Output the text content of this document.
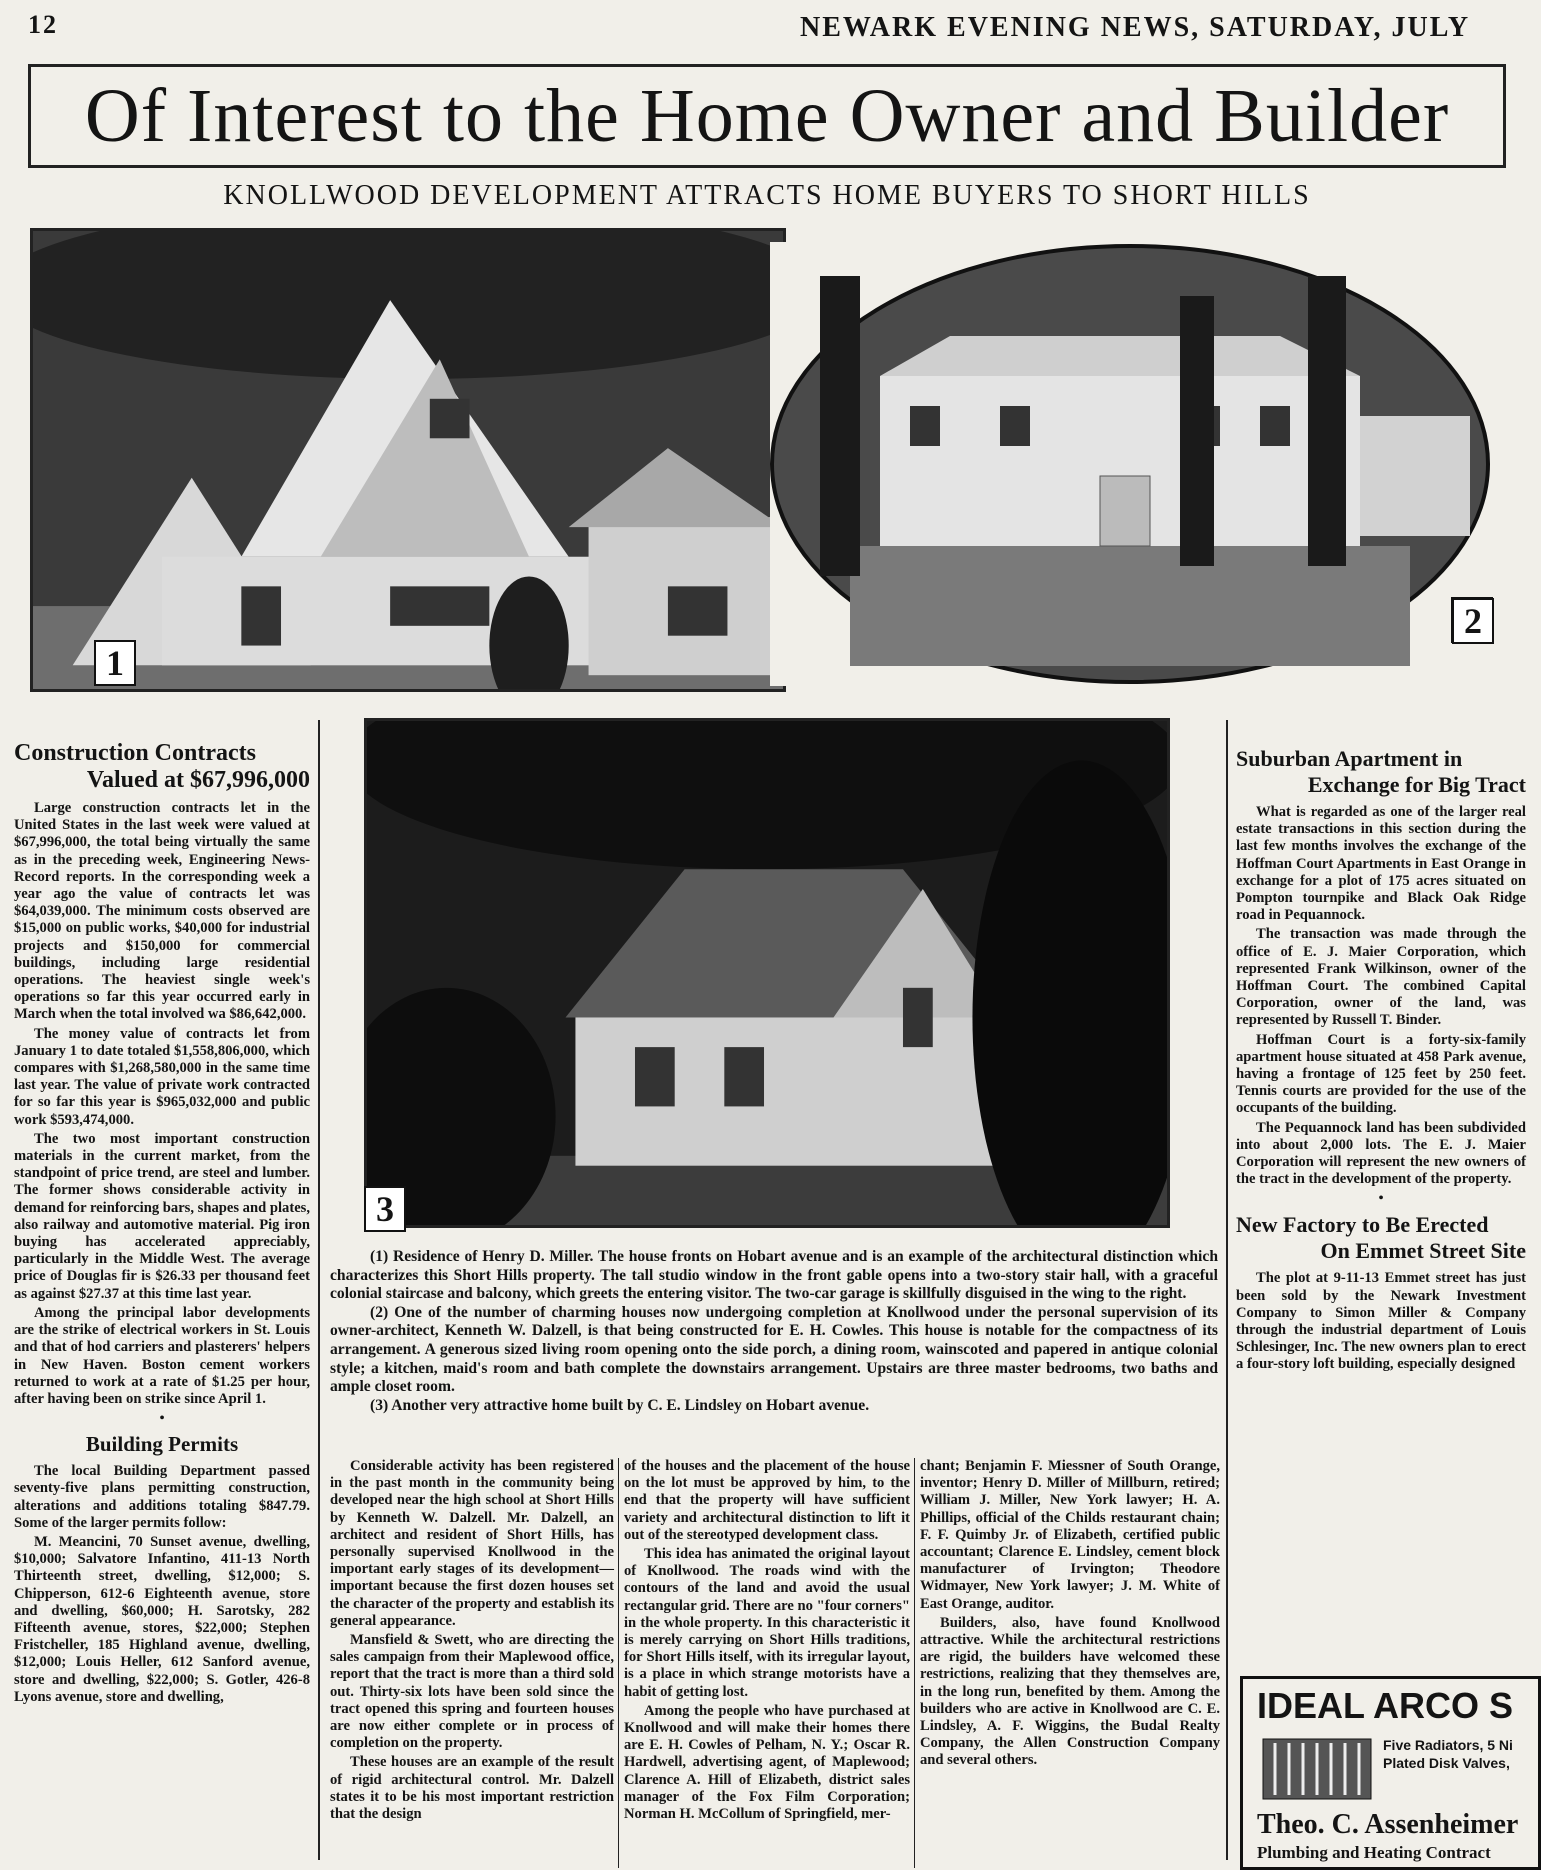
12	NEWARK EVENING NEWS, SATURDAY, JULY
Of Interest to the Home Owner and Builder
KNOLLWOOD DEVELOPMENT ATTRACTS HOME BUYERS TO SHORT HILLS
1
2
3
Construction Contracts
Valued at $67,996,000

Large construction contracts let in the United States in the last week were valued at $67,996,000, the total being virtually the same as in the preceding week, Engineering News-Record reports. In the corresponding week a year ago the value of contracts let was $64,039,000. The minimum costs observed are $15,000 on public works, $40,000 for industrial projects and $150,000 for commercial buildings, including large residential operations. The heaviest single week's operations so far this year occurred early in March when the total involved wa $86,642,000.

The money value of contracts let from January 1 to date totaled $1,558,806,000, which compares with $1,268,580,000 in the same time last year. The value of private work contracted for so far this year is $965,032,000 and public work $593,474,000.

The two most important construction materials in the current market, from the standpoint of price trend, are steel and lumber. The former shows considerable activity in demand for reinforcing bars, shapes and plates, also railway and automotive material. Pig iron buying has accelerated appreciably, particularly in the Middle West. The average price of Douglas fir is $26.33 per thousand feet as against $27.37 at this time last year.

Among the principal labor developments are the strike of electrical workers in St. Louis and that of hod carriers and plasterers' helpers in New Haven. Boston cement workers returned to work at a rate of $1.25 per hour, after having been on strike since April 1.

•
Building Permits

The local Building Department passed seventy-five plans permitting construction, alterations and additions totaling $847.79. Some of the larger permits follow:

M. Meancini, 70 Sunset avenue, dwelling, $10,000; Salvatore Infantino, 411-13 North Thirteenth street, dwelling, $12,000; S. Chipperson, 612-6 Eighteenth avenue, store and dwelling, $60,000; H. Sarotsky, 282 Fifteenth avenue, stores, $22,000; Stephen Fristcheller, 185 Highland avenue, dwelling, $12,000; Louis Heller, 612 Sanford avenue, store and dwelling, $22,000; S. Gotler, 426-8 Lyons avenue, store and dwelling,

(1) Residence of Henry D. Miller. The house fronts on Hobart avenue and is an example of the architectural distinction which characterizes this Short Hills property. The tall studio window in the front gable opens into a two-story stair hall, with a graceful colonial staircase and balcony, which greets the entering visitor. The two-car garage is skillfully disguised in the wing to the right.

(2) One of the number of charming houses now undergoing completion at Knollwood under the personal supervision of its owner-architect, Kenneth W. Dalzell, is that being constructed for E. H. Cowles. This house is notable for the compactness of its arrangement. A generous sized living room opening onto the side porch, a dining room, wainscoted and papered in antique colonial style; a kitchen, maid's room and bath complete the downstairs arrangement. Upstairs are three master bedrooms, two baths and ample closet room.

(3) Another very attractive home built by C. E. Lindsley on Hobart avenue.

Considerable activity has been registered in the past month in the community being developed near the high school at Short Hills by Kenneth W. Dalzell. Mr. Dalzell, an architect and resident of Short Hills, has personally supervised Knollwood in the important early stages of its development—important because the first dozen houses set the character of the property and establish its general appearance.

Mansfield & Swett, who are directing the sales campaign from their Maplewood office, report that the tract is more than a third sold out. Thirty-six lots have been sold since the tract opened this spring and fourteen houses are now either complete or in process of completion on the property.

These houses are an example of the result of rigid architectural control. Mr. Dalzell states it to be his most important restriction that the design

of the houses and the placement of the house on the lot must be approved by him, to the end that the property will have sufficient variety and architectural distinction to lift it out of the stereotyped development class.

This idea has animated the original layout of Knollwood. The roads wind with the contours of the land and avoid the usual rectangular grid. There are no "four corners" in the whole property. In this characteristic it is merely carrying on Short Hills traditions, for Short Hills itself, with its irregular layout, is a place in which strange motorists have a habit of getting lost.

Among the people who have purchased at Knollwood and will make their homes there are E. H. Cowles of Pelham, N. Y.; Oscar R. Hardwell, advertising agent, of Maplewood; Clarence A. Hill of Elizabeth, district sales manager of the Fox Film Corporation; Norman H. McCollum of Springfield, mer-

chant; Benjamin F. Miessner of South Orange, inventor; Henry D. Miller of Millburn, retired; William J. Miller, New York lawyer; H. A. Phillips, official of the Childs restaurant chain; F. F. Quimby Jr. of Elizabeth, certified public accountant; Clarence E. Lindsley, cement block manufacturer of Irvington; Theodore Widmayer, New York lawyer; J. M. White of East Orange, auditor.

Builders, also, have found Knollwood attractive. While the architectural restrictions are rigid, the builders have welcomed these restrictions, realizing that they themselves are, in the long run, benefited by them. Among the builders who are active in Knollwood are C. E. Lindsley, A. F. Wiggins, the Budal Realty Company, the Allen Construction Company and several others.

Suburban Apartment in
Exchange for Big Tract

What is regarded as one of the larger real estate transactions in this section during the last few months involves the exchange of the Hoffman Court Apartments in East Orange in exchange for a plot of 175 acres situated on Pompton tournpike and Black Oak Ridge road in Pequannock.

The transaction was made through the office of E. J. Maier Corporation, which represented Frank Wilkinson, owner of the Hoffman Court. The combined Capital Corporation, owner of the land, was represented by Russell T. Binder.

Hoffman Court is a forty-six-family apartment house situated at 458 Park avenue, having a frontage of 125 feet by 250 feet. Tennis courts are provided for the use of the occupants of the building.

The Pequannock land has been subdivided into about 2,000 lots. The E. J. Maier Corporation will represent the new owners of the tract in the development of the property.

•
New Factory to Be Erected
On Emmet Street Site

The plot at 9-11-13 Emmet street has just been sold by the Newark Investment Company to Simon Miller & Company through the industrial department of Louis Schlesinger, Inc. The new owners plan to erect a four-story loft building, especially designed

IDEAL ARCO S
Five Radiators, 5 Ni
Plated Disk Valves,
Theo. C. Assenheimer
Plumbing and Heating Contract
